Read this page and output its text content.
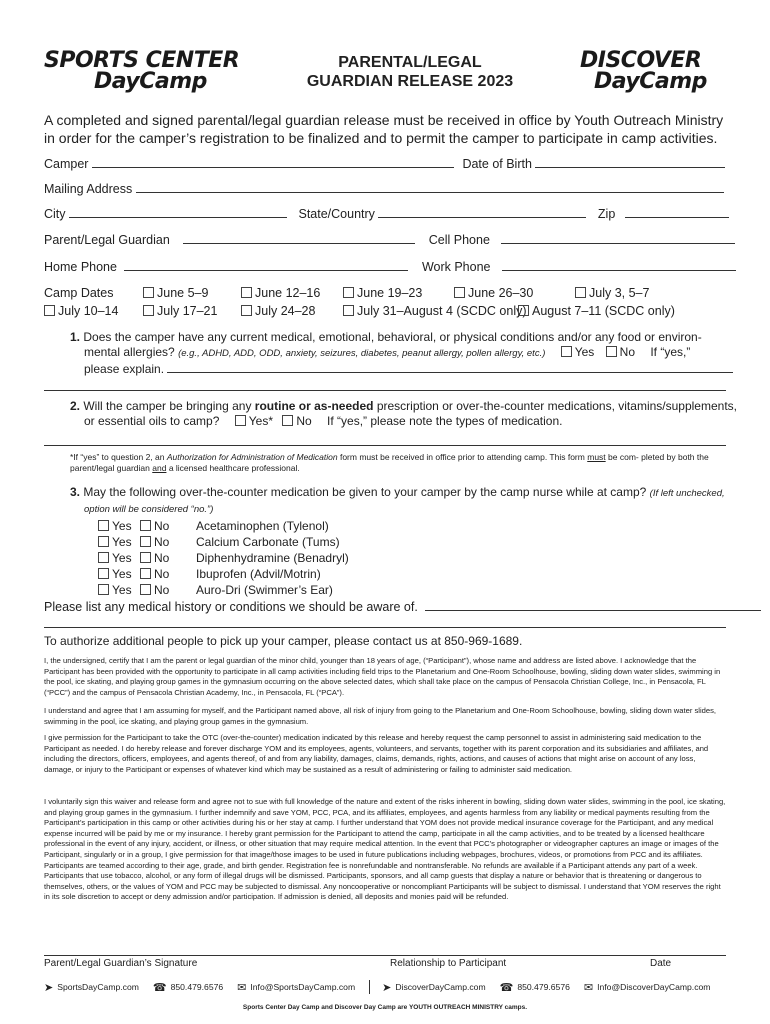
SPORTS CENTER
DayCamp
PARENTAL/LEGAL
GUARDIAN RELEASE 2023
DISCOVER
DayCamp
A completed and signed parental/legal guardian release must be received in office by Youth Outreach Ministry in order for the camper’s registration to be finalized and to permit the camper to participate in camp activities.
Camper	Date of Birth
Mailing Address
City	State/Country	Zip
Parent/Legal Guardian	Cell Phone
Home Phone	Work Phone
Camp Dates	June 5–9	June 12–16	June 19–23	June 26–30	July 3, 5–7
July 10–14	July 17–21	July 24–28	July 31–August 4 (SCDC only) August 7–11 (SCDC only)
1. Does the camper have any current medical, emotional, behavioral, or physical conditions and/or any food or environ-
mental allergies? (e.g., ADHD, ADD, ODD, anxiety, seizures, diabetes, peanut allergy, pollen allergy, etc.) Yes No If “yes,”
please explain.
2. Will the camper be bringing any routine or as-needed prescription or over-the-counter medications, vitamins/supplements,
or essential oils to camp? Yes* No If “yes,” please note the types of medication.
*If “yes” to question 2, an Authorization for Administration of Medication form must be received in office prior to attending camp. This form must be com- pleted by both the parent/legal guardian and a licensed healthcare professional.
3. May the following over-the-counter medication be given to your camper by the camp nurse while at camp? (If left unchecked,
option will be considered “no.”)
Yes	No	Acetaminophen (Tylenol)
Yes	No	Calcium Carbonate (Tums)
Yes	No	Diphenhydramine (Benadryl)
Yes	No	Ibuprofen (Advil/Motrin)
Yes	No	Auro-Dri (Swimmer’s Ear)
Please list any medical history or conditions we should be aware of.
To authorize additional people to pick up your camper, please contact us at 850-969-1689.
I, the undersigned, certify that I am the parent or legal guardian of the minor child, younger than 18 years of age, (“Participant”), whose name and address are listed above. I acknowledge that the Participant has been provided with the opportunity to participate in all camp activities including field trips to the Planetarium and One-Room Schoolhouse, bowling, sliding down water slides, swimming in the pool, ice skating, and playing group games in the gymnasium occurring on the above selected dates, which shall take place on the campus of Pensacola Christian College, Inc., in Pensacola, FL (“PCC”) and the campus of Pensacola Christian Academy, Inc., in Pensacola, FL (“PCA”).
I understand and agree that I am assuming for myself, and the Participant named above, all risk of injury from going to the Planetarium and One-Room Schoolhouse, bowling, sliding down water slides, swimming in the pool, ice skating, and playing group games in the gymnasium.
I give permission for the Participant to take the OTC (over-the-counter) medication indicated by this release and hereby request the camp personnel to assist in administering said medication to the Participant as needed. I do hereby release and forever discharge YOM and its employees, agents, volunteers, and servants, together with its parent corporation and its subsidiaries and affiliates, and including the directors, officers, employees, and agents thereof, of and from any liability, damages, claims, demands, rights, actions, and causes of actions that might arise on account of any loss, damage, or injury to the Participant or expenses of whatever kind which may be sustained as a result of administering or failing to administer said medication.
I voluntarily sign this waiver and release form and agree not to sue with full knowledge of the nature and extent of the risks inherent in bowling, sliding down water slides, swimming in the pool, ice skating, and playing group games in the gymnasium. I further indemnify and save YOM, PCC, PCA, and its affiliates, employees, and agents harmless from any liability or medical payments resulting from the Participant’s participation in this camp or other activities during his or her stay at camp. I further understand that YOM does not provide medical insurance coverage for the Participant, and any medical expense incurred will be paid by me or my insurance. I hereby grant permission for the Participant to attend the camp, participate in all the camp activities, and to be treated by a licensed healthcare professional in the event of any injury, accident, or illness, or other situation that may require medical attention. In the event that PCC’s photographer or videographer captures an image or images of the Participant, singularly or in a group, I give permission for that image/those images to be used in future publications including webpages, brochures, videos, or promotions from PCC and its affiliates. Participants are teamed according to their age, grade, and birth gender. Registration fee is nonrefundable and nontransferable. No refunds are available if a Participant attends any part of a week. Participants that use tobacco, alcohol, or any form of illegal drugs will be dismissed. Participants, sponsors, and all camp guests that display a nature or behavior that is threatening or dangerous to themselves, others, or the values of YOM and PCC may be subjected to dismissal. Any noncooperative or noncompliant Participants will be subject to dismissal. I understand that YOM reserves the right in its sole discretion to accept or deny admission and/or participation. If admission is denied, all deposits and monies paid will be refunded.
Parent/Legal Guardian’s Signature	Relationship to Participant	Date
➤ SportsDayCamp.com ☎ 850.479.6576 ✉ Info@SportsDayCamp.com ➤ DiscoverDayCamp.com ☎ 850.479.6576 ✉ Info@DiscoverDayCamp.com
Sports Center Day Camp and Discover Day Camp are YOUTH OUTREACH MINISTRY camps.
